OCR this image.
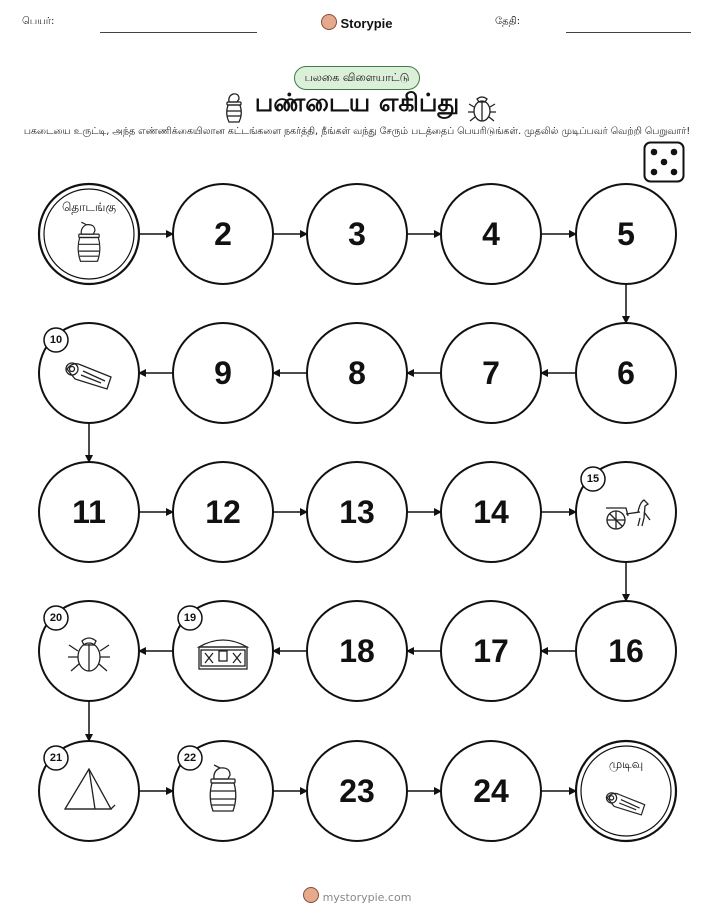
பெயர்:	Storypie	தேதி:
பலகை விளையாட்டு
பண்டைய எகிப்து
பகடையை உருட்டி, அந்த எண்ணிக்கையிலான கட்டங்களை நகர்த்தி, நீங்கள் வந்து சேரும் படத்தைப் பெயரிடுங்கள். முதலில் முடிப்பவர் வெற்றி பெறுவார்!
தொடங்கு
2	3	4	5
6
7
8
9
10
11	12	13	14
15
16
17
18
19
20
21	22
23	24
முடிவு
mystorypie.com
